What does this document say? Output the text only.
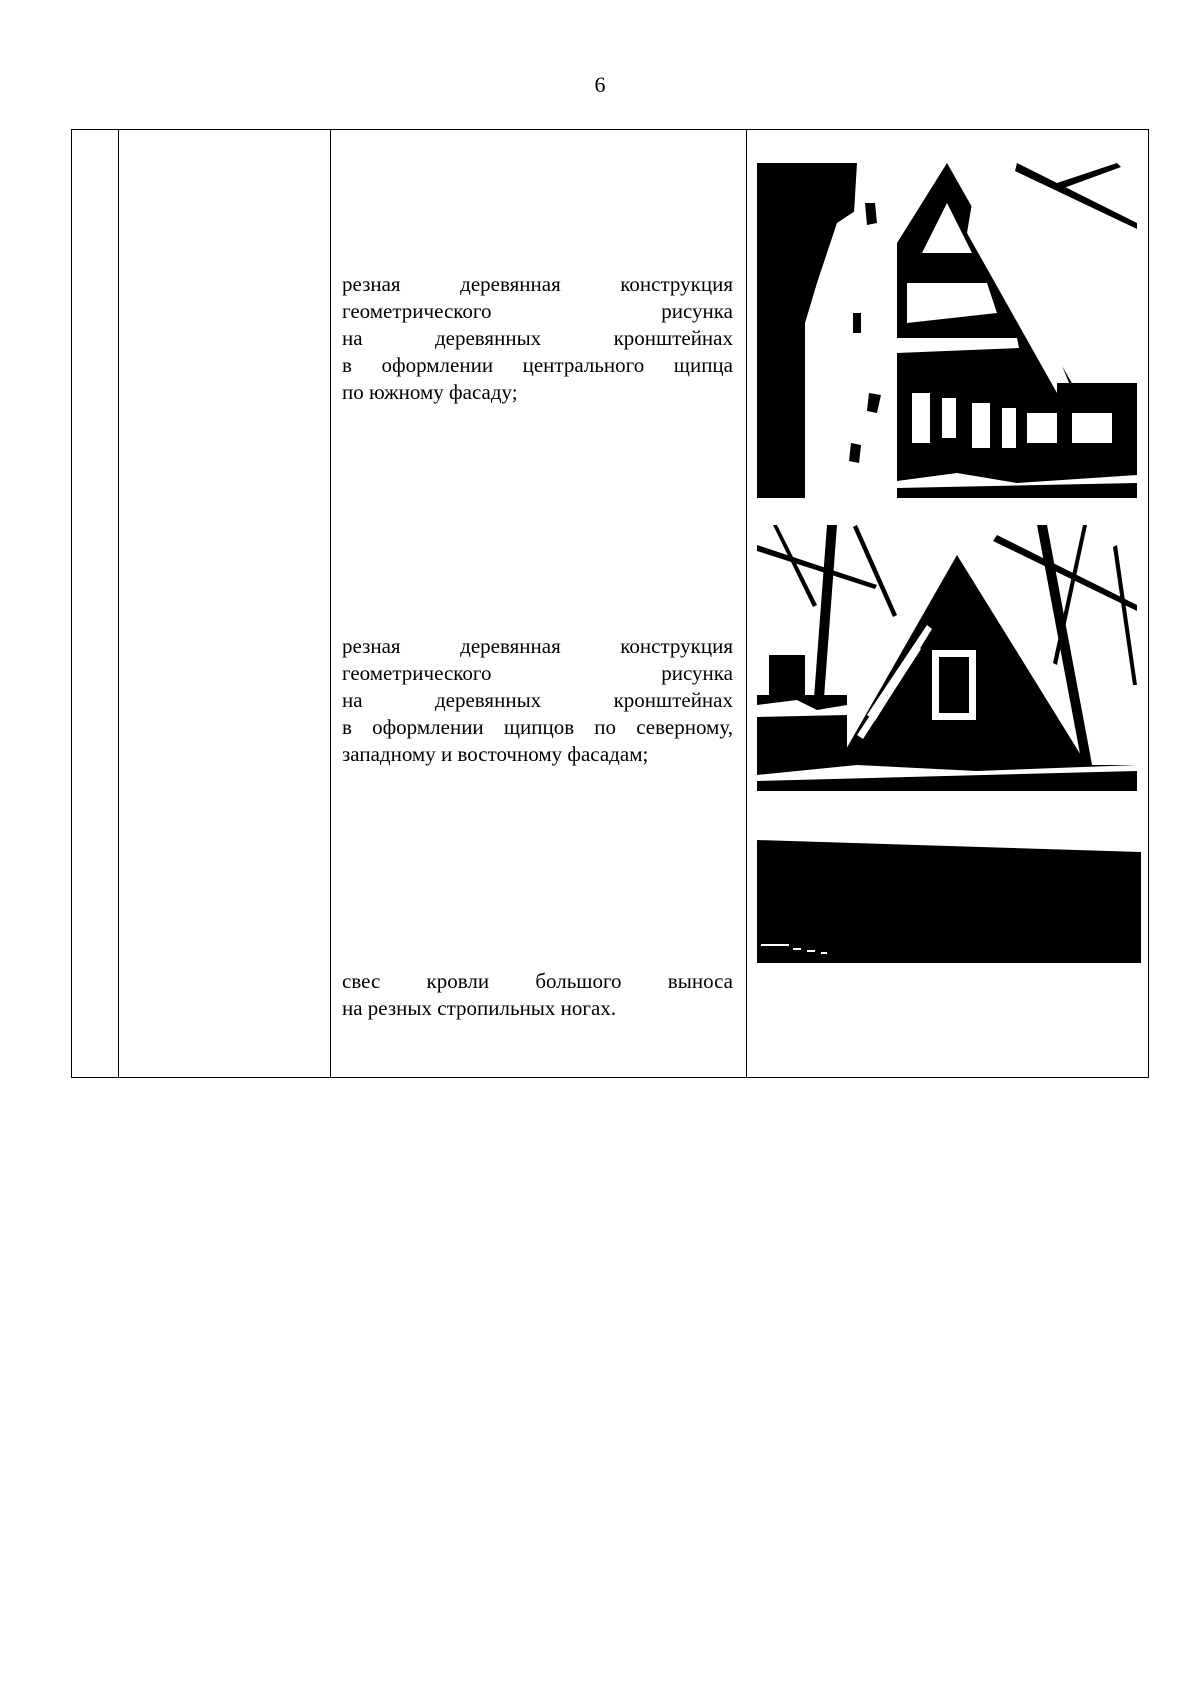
6

резная деревянная конструкция
геометрического рисунка
на деревянных кронштейнах
в оформлении центрального щипца
по южному фасаду;
резная деревянная конструкция
геометрического рисунка
на деревянных кронштейнах
в оформлении щипцов по северному,
западному и восточному фасадам;
свес кровли большого выноса
на резных стропильных ногах.
